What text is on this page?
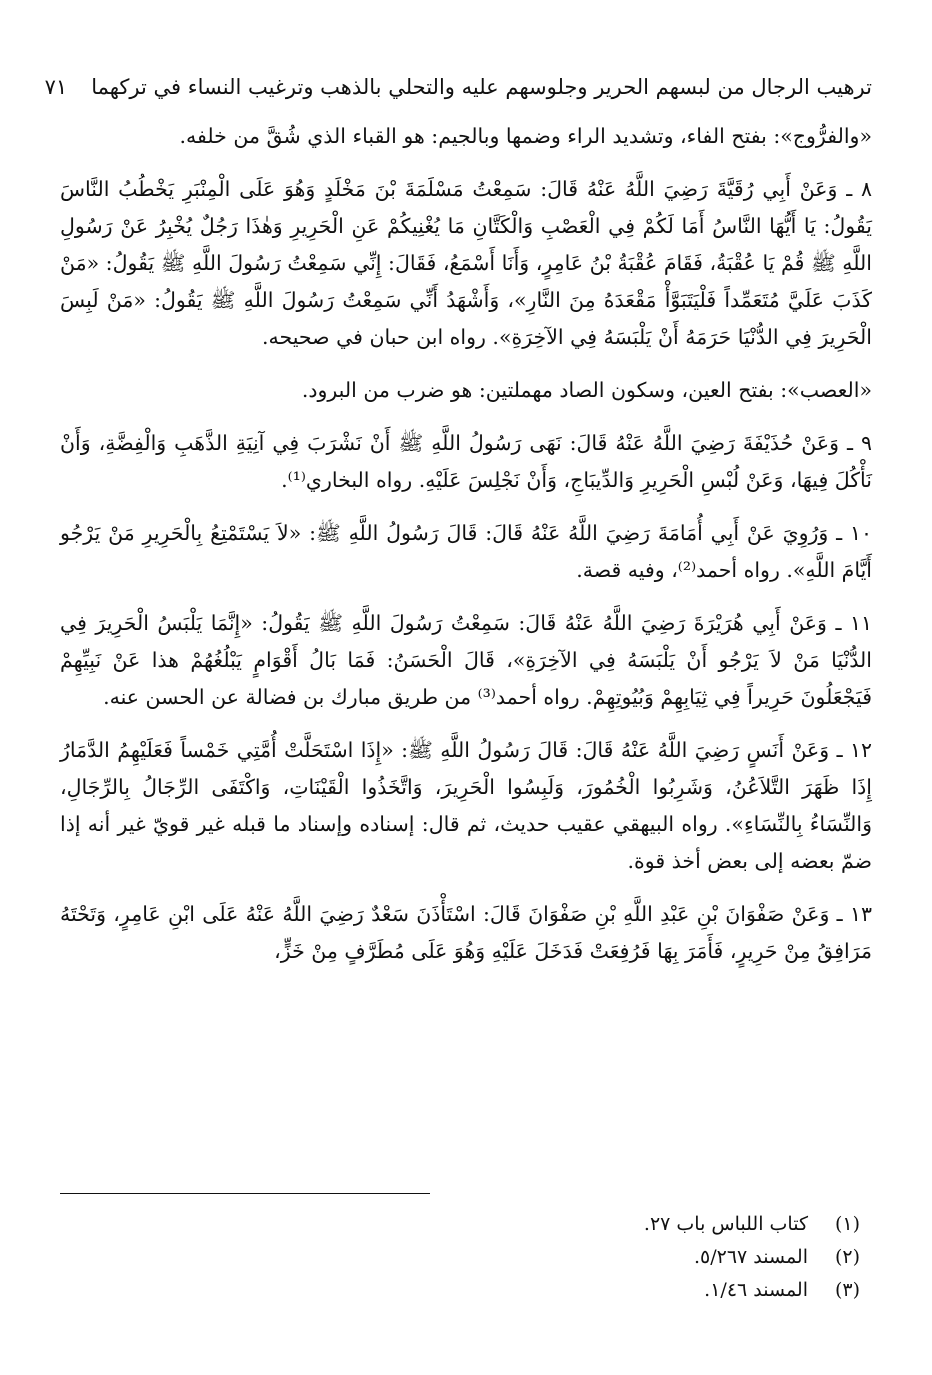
ترهيب الرجال من لبسهم الحرير وجلوسهم عليه والتحلي بالذهب وترغيب النساء في تركهما
٧١

«والفرُّوج»: بفتح الفاء، وتشديد الراء وضمها وبالجيم: هو القباء الذي شُقَّ من خلفه.

٨ ـ وَعَنْ أَبِي رُقَيَّةَ رَضِيَ اللَّهُ عَنْهُ قَالَ: سَمِعْتُ مَسْلَمَةَ بْنَ مَخْلَدٍ وَهُوَ عَلَى الْمِنْبَرِ يَخْطُبُ النَّاسَ يَقُولُ: يَا أَيُّهَا النَّاسُ أَمَا لَكُمْ فِي الْعَصْبِ وَالْكَتَّانِ مَا يُغْنِيكُمْ عَنِ الْحَرِيرِ وَهٰذَا رَجُلٌ يُخْبِرُ عَنْ رَسُولِ اللَّهِ ﷺ قُمْ يَا عُقْبَةُ، فَقَامَ عُقْبَةُ بْنُ عَامِرٍ، وَأَنَا أَسْمَعُ، فَقَالَ: إِنِّي سَمِعْتُ رَسُولَ اللَّهِ ﷺ يَقُولُ: «مَنْ كَذَبَ عَلَيَّ مُتَعَمِّداً فَلْيَتَبَوَّأْ مَقْعَدَهُ مِنَ النَّارِ»، وَأَشْهَدُ أَنِّي سَمِعْتُ رَسُولَ اللَّهِ ﷺ يَقُولُ: «مَنْ لَبِسَ الْحَرِيرَ فِي الدُّنْيَا حَرَمَهُ أَنْ يَلْبَسَهُ فِي الآخِرَةِ». رواه ابن حبان في صحيحه.

«العصب»: بفتح العين، وسكون الصاد مهملتين: هو ضرب من البرود.

٩ ـ وَعَنْ حُذَيْفَةَ رَضِيَ اللَّهُ عَنْهُ قَالَ: نَهَى رَسُولُ اللَّهِ ﷺ أَنْ نَشْرَبَ فِي آنِيَةِ الذَّهَبِ وَالْفِضَّةِ، وَأَنْ نَأْكُلَ فِيهَا، وَعَنْ لُبْسِ الْحَرِيرِ وَالدِّيبَاجِ، وَأَنْ نَجْلِسَ عَلَيْهِ. رواه البخاري⁽¹⁾.

١٠ ـ وَرُوِيَ عَنْ أَبِي أُمَامَةَ رَضِيَ اللَّهُ عَنْهُ قَالَ: قَالَ رَسُولُ اللَّهِ ﷺ: «لاَ يَسْتَمْتِعُ بِالْحَرِيرِ مَنْ يَرْجُو أَيَّامَ اللَّهِ». رواه أحمد⁽²⁾، وفيه قصة.

١١ ـ وَعَنْ أَبِي هُرَيْرَةَ رَضِيَ اللَّهُ عَنْهُ قَالَ: سَمِعْتُ رَسُولَ اللَّهِ ﷺ يَقُولُ: «إِنَّمَا يَلْبَسُ الْحَرِيرَ فِي الدُّنْيَا مَنْ لاَ يَرْجُو أَنْ يَلْبَسَهُ فِي الآخِرَةِ»، قَالَ الْحَسَنُ: فَمَا بَالُ أَقْوَامٍ يَبْلُغُهُمْ هذا عَنْ نَبِيِّهِمْ فَيَجْعَلُونَ حَرِيراً فِي ثِيَابِهِمْ وَبُيُوتِهِمْ. رواه أحمد⁽³⁾ من طريق مبارك بن فضالة عن الحسن عنه.

١٢ ـ وَعَنْ أَنَسٍ رَضِيَ اللَّهُ عَنْهُ قَالَ: قَالَ رَسُولُ اللَّهِ ﷺ: «إِذَا اسْتَحَلَّتْ أُمَّتِي خَمْساً فَعَلَيْهِمُ الدَّمَارُ إِذَا ظَهَرَ التَّلاَعُنُ، وَشَرِبُوا الْخُمُورَ، وَلَبِسُوا الْحَرِيرَ، وَاتَّخَذُوا الْقَيْنَاتِ، وَاكْتَفَى الرِّجَالُ بِالرِّجَالِ، وَالنِّسَاءُ بِالنِّسَاءِ». رواه البيهقي عقيب حديث، ثم قال: إسناده وإسناد ما قبله غير قويّ غير أنه إذا ضمّ بعضه إلى بعض أخذ قوة.

١٣ ـ وَعَنْ صَفْوَانَ بْنِ عَبْدِ اللَّهِ بْنِ صَفْوَانَ قَالَ: اسْتَأْذَنَ سَعْدٌ رَضِيَ اللَّهُ عَنْهُ عَلَى ابْنِ عَامِرٍ، وَتَحْتَهُ مَرَافِقُ مِنْ حَرِيرٍ، فَأَمَرَ بِهَا فَرُفِعَتْ فَدَخَلَ عَلَيْهِ وَهُوَ عَلَى مُطَرَّفٍ مِنْ خَزٍّ،

(١)
كتاب اللباس باب ٢٧.
(٢)
المسند ٥/٢٦٧.
(٣)
المسند ١/٤٦.
